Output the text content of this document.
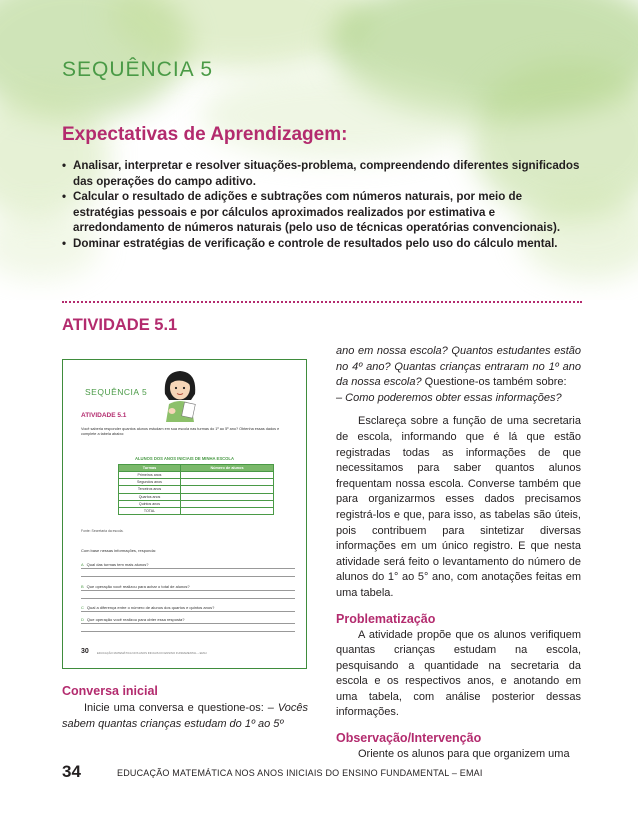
SEQUÊNCIA 5
Expectativas de Aprendizagem:
• Analisar, interpretar e resolver situações-problema, compreendendo diferentes significados das operações do campo aditivo.
• Calcular o resultado de adições e subtrações com números naturais, por meio de estratégias pessoais e por cálculos aproximados realizados por estimativa e arredondamento de números naturais (pelo uso de técnicas operatórias convencionais).
• Dominar estratégias de verificação e controle de resultados pelo uso do cálculo mental.
ATIVIDADE 5.1
SEQUÊNCIA 5
ATIVIDADE 5.1
Você saberia responder quantos alunos estudam em sua escola nas turmas do 1º ao 5º ano? Obtenha essas dados e complete a tabela abaixo:
ALUNOS DOS ANOS INICIAIS DE MINHA ESCOLA
Turmas	Número de alunos
Primeiros anos	
Segundos anos	
Terceiros anos	
Quartos anos	
Quintos anos	
TOTAL	
Fonte: Secretaria da escola.
Com base nessas informações, responda:
A Qual das turmas tem mais alunos?
B Que operação você realizou para achar o total de alunos?
C Qual a diferença entre o número de alunos dos quartos e quintos anos?
D Que operação você realizou para obter essa resposta?
30	EDUCAÇÃO MATEMÁTICA NOS ANOS INICIAIS DO ENSINO FUNDAMENTAL – EMAI
Conversa inicial
Inicie uma conversa e questione-os: – Vocês sabem quantas crianças estudam do 1º ao 5º

ano em nossa escola? Quantos estudantes estão no 4º ano? Quantas crianças entraram no 1º ano da nossa escola? Questione-os também sobre:

– Como poderemos obter essas informações?

Esclareça sobre a função de uma secretaria de escola, informando que é lá que estão registradas todas as informações de que necessitamos para saber quantos alunos frequentam nossa escola. Converse também que para organizarmos esses dados precisamos registrá-los e que, para isso, as tabelas são úteis, pois contribuem para sintetizar diversas informações em um único registro. E que nesta atividade será feito o levantamento do número de alunos do 1° ao 5° ano, com anotações feitas em uma tabela.

Problematização

A atividade propõe que os alunos verifiquem quantas crianças estudam na escola, pesquisando a quantidade na secretaria da escola e os respectivos anos, e anotando em uma tabela, com análise posterior dessas informações.

Observação/Intervenção

Oriente os alunos para que organizem uma

34	EDUCAÇÃO MATEMÁTICA NOS ANOS INICIAIS DO ENSINO FUNDAMENTAL – EMAI
